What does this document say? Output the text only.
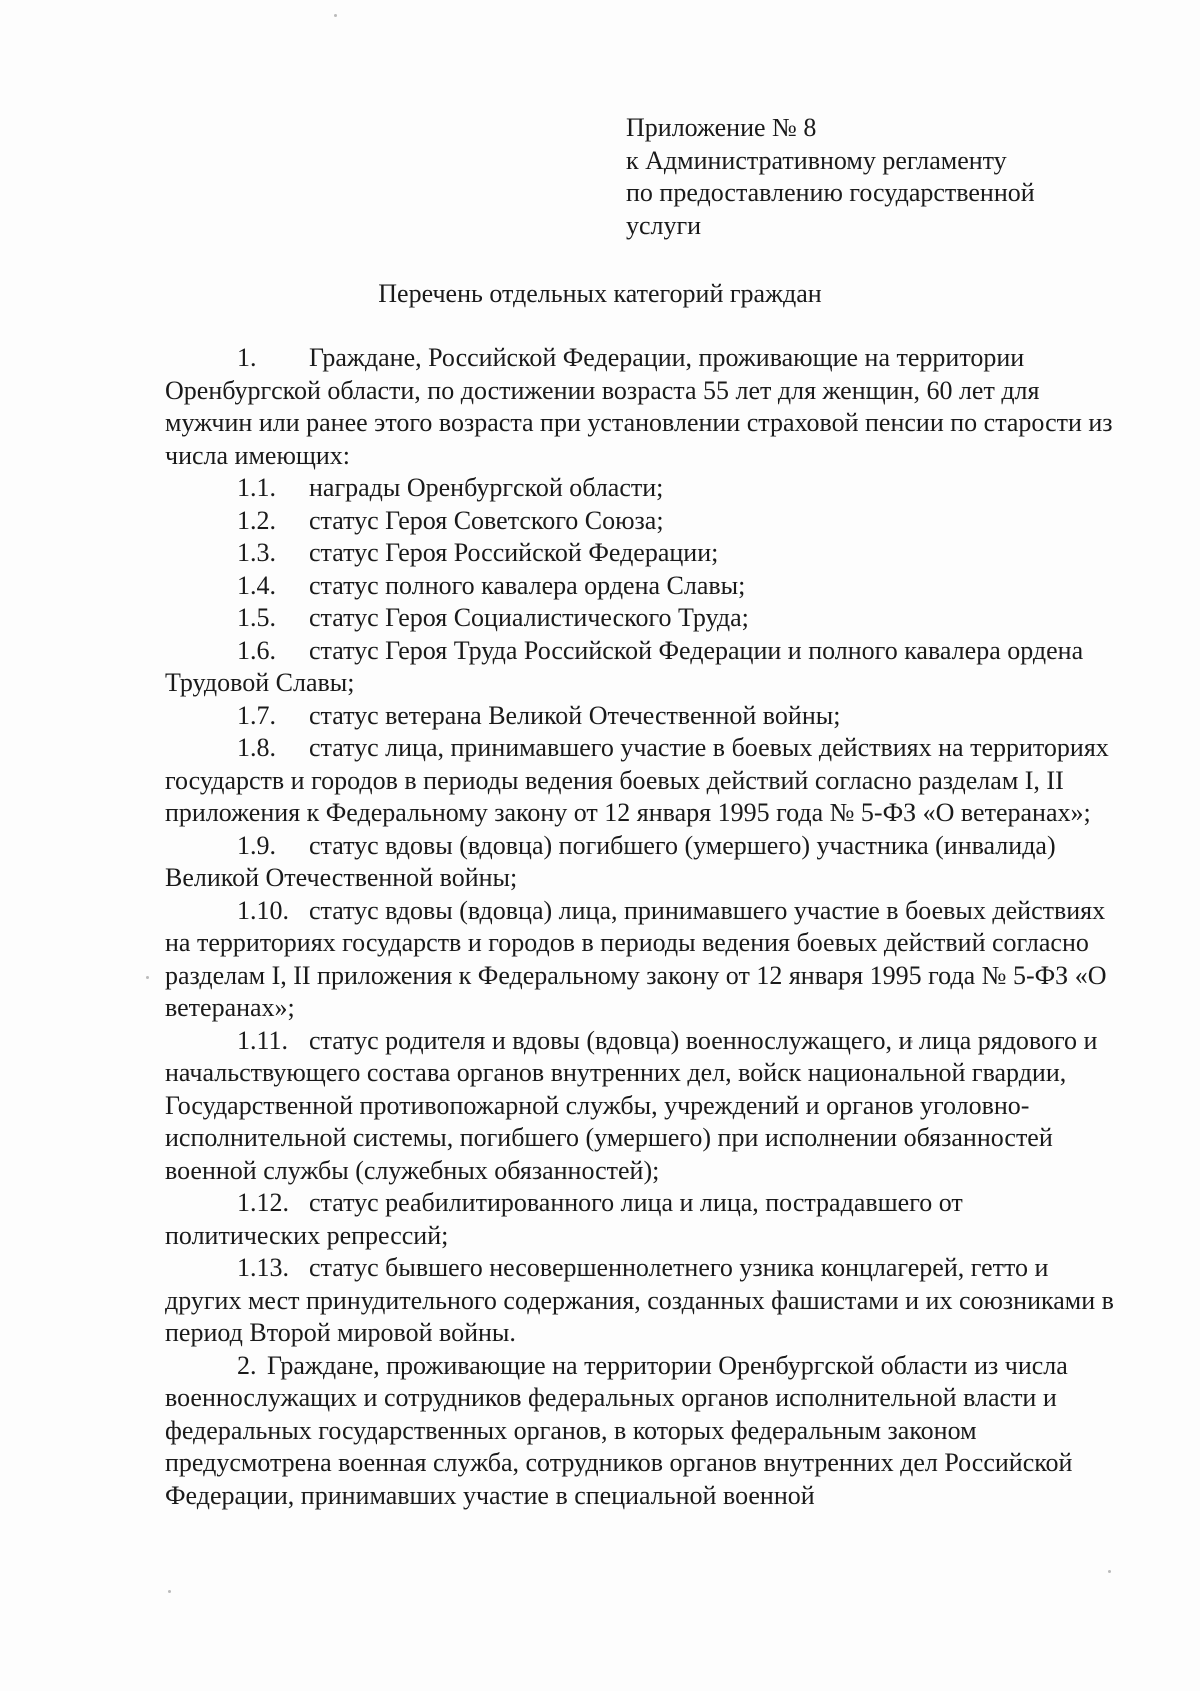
Приложение № 8
к Административному регламенту
по предоставлению государственной
услуги
Перечень отдельных категорий граждан

1. Граждане, Российской Федерации, проживающие на территории Оренбургской области, по достижении возраста 55 лет для женщин, 60 лет для мужчин или ранее этого возраста при установлении страховой пенсии по старости из числа имеющих:

1.1. награды Оренбургской области;

1.2. статус Героя Советского Союза;

1.3. статус Героя Российской Федерации;

1.4. статус полного кавалера ордена Славы;

1.5. статус Героя Социалистического Труда;

1.6. статус Героя Труда Российской Федерации и полного кавалера ордена Трудовой Славы;

1.7. статус ветерана Великой Отечественной войны;

1.8. статус лица, принимавшего участие в боевых действиях на территориях государств и городов в периоды ведения боевых действий согласно разделам I, II приложения к Федеральному закону от 12 января 1995 года № 5-ФЗ «О ветеранах»;

1.9. статус вдовы (вдовца) погибшего (умершего) участника (инвалида) Великой Отечественной войны;

1.10. статус вдовы (вдовца) лица, принимавшего участие в боевых действиях на территориях государств и городов в периоды ведения боевых действий согласно разделам I, II приложения к Федеральному закону от 12 января 1995 года № 5-ФЗ «О ветеранах»;

1.11. статус родителя и вдовы (вдовца) военнослужащего, и лица рядового и начальствующего состава органов внутренних дел, войск национальной гвардии, Государственной противопожарной службы, учреждений и органов уголовно-исполнительной системы, погибшего (умершего) при исполнении обязанностей военной службы (служебных обязанностей);

1.12. статус реабилитированного лица и лица, пострадавшего от политических репрессий;

1.13. статус бывшего несовершеннолетнего узника концлагерей, гетто и других мест принудительного содержания, созданных фашистами и их союзниками в период Второй мировой войны.

2. Граждане, проживающие на территории Оренбургской области из числа военнослужащих и сотрудников федеральных органов исполнительной власти и федеральных государственных органов, в которых федеральным законом предусмотрена военная служба, сотрудников органов внутренних дел Российской Федерации, принимавших участие в специальной военной
